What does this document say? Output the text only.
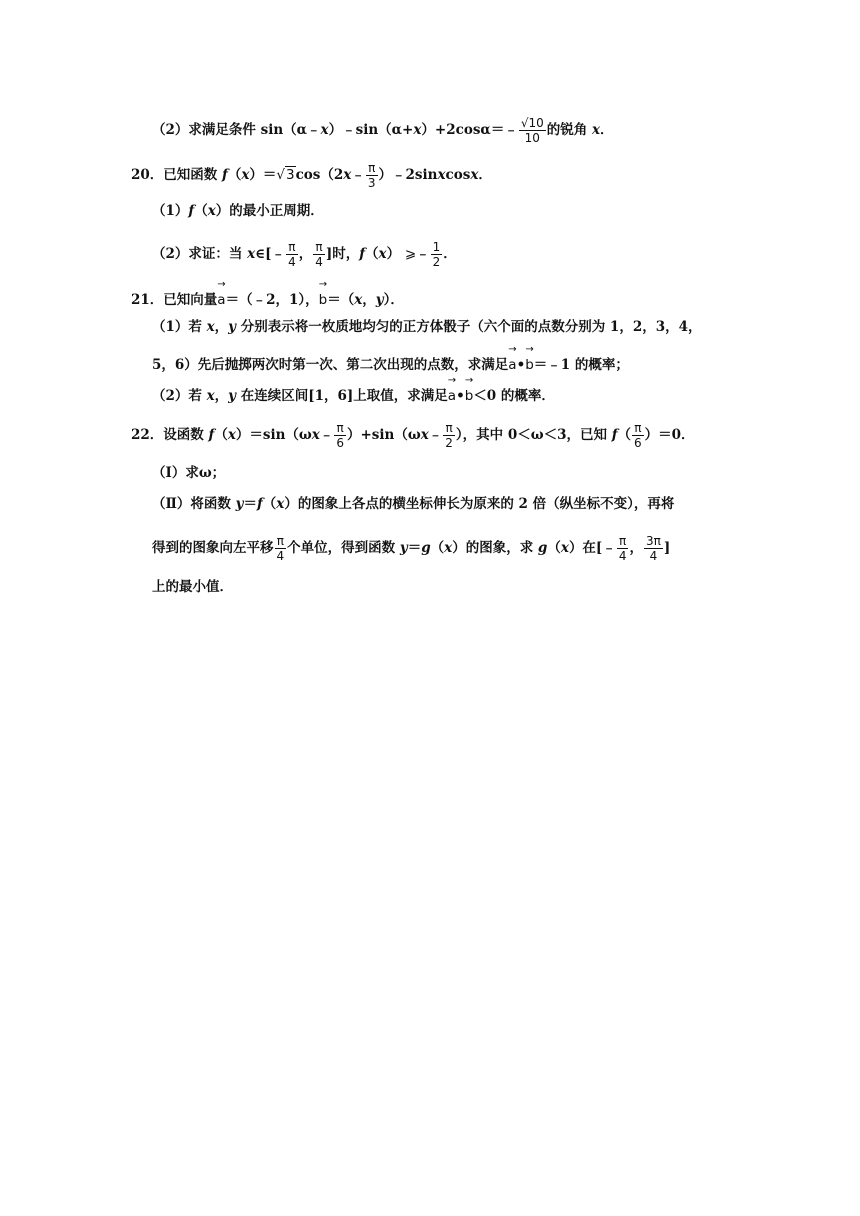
（2）求满足条件 sin（α﹣x）﹣sin（α+x）+2cosα＝﹣ $\frac{√10}{10}$ 的锐角 x．
20．已知函数 f（x）＝√3cos（2x﹣ $\frac{\pi}{3}$ ）﹣2sinxcosx．
（1）f（x）的最小正周期．
（2）求证：当 x∈[﹣ $\frac{\pi}{4}$ ， $\frac{\pi}{4}$ ]时，f（x） ⩾﹣ $\frac{1}{2}$ ．
21．已知向量
→
a＝（﹣2，1），
→
b＝（x，y）．
（1）若 x，y 分别表示将一枚质地均匀的正方体骰子（六个面的点数分别为 1，2，3，4，
5，6）先后抛掷两次时第一次、第二次出现的点数，求满足
→
a•
→
b＝﹣1 的概率；
（2）若 x，y 在连续区间[1，6]上取值，求满足
→
a•
→
b＜0 的概率．
22．设函数 f（x）＝sin（ωx﹣ $\frac{\pi}{6}$ ）+sin（ωx﹣ $\frac{\pi}{2}$ ），其中 0＜ω＜3，已知 $f( \frac{\pi}{6} )=0$．
（Ⅰ）求ω；
（Ⅱ）将函数 y＝f（x）的图象上各点的横坐标伸长为原来的 2 倍（纵坐标不变），再将
得到的图象向左平移 $\frac{\pi}{4}$ 个单位，得到函数 y＝g（x）的图象，求 g（x）在[﹣ $\frac{\pi}{4}$ ， $\frac{3\pi}{4}$ ]
上的最小值．
